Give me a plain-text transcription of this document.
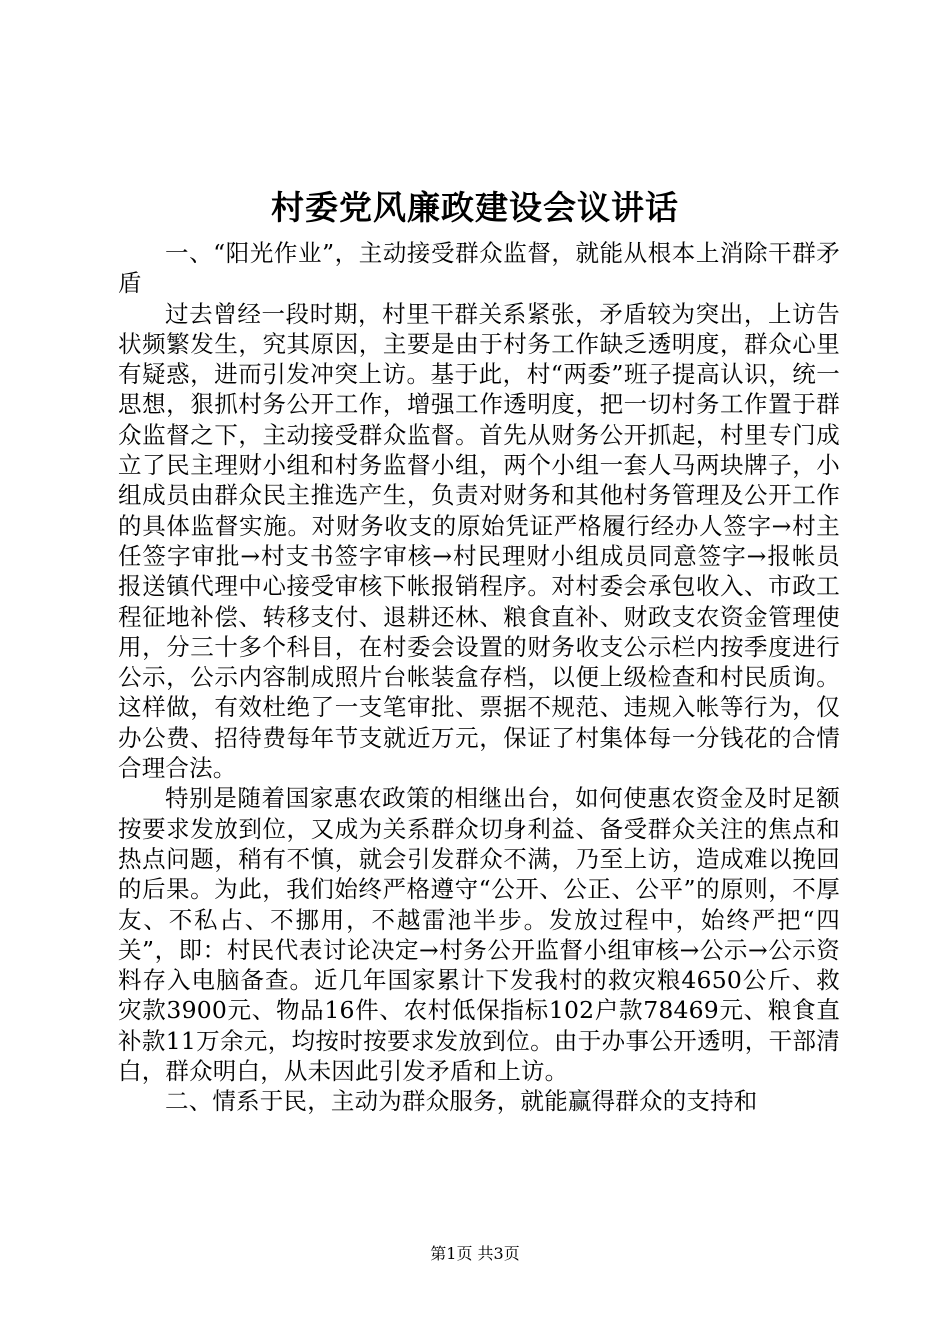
村委党风廉政建设会议讲话

一、“阳光作业”，主动接受群众监督，就能从根本上消除干群矛盾

过去曾经一段时期，村里干群关系紧张，矛盾较为突出，上访告状频繁发生，究其原因，主要是由于村务工作缺乏透明度，群众心里有疑惑，进而引发冲突上访。基于此，村“两委”班子提高认识，统一思想，狠抓村务公开工作，增强工作透明度，把一切村务工作置于群众监督之下，主动接受群众监督。首先从财务公开抓起，村里专门成立了民主理财小组和村务监督小组，两个小组一套人马两块牌子，小组成员由群众民主推选产生，负责对财务和其他村务管理及公开工作的具体监督实施。对财务收支的原始凭证严格履行经办人签字→村主任签字审批→村支书签字审核→村民理财小组成员同意签字→报帐员报送镇代理中心接受审核下帐报销程序。对村委会承包收入、市政工程征地补偿、转移支付、退耕还林、粮食直补、财政支农资金管理使用，分三十多个科目，在村委会设置的财务收支公示栏内按季度进行公示，公示内容制成照片台帐装盒存档，以便上级检查和村民质询。这样做，有效杜绝了一支笔审批、票据不规范、违规入帐等行为，仅办公费、招待费每年节支就近万元，保证了村集体每一分钱花的合情合理合法。

特别是随着国家惠农政策的相继出台，如何使惠农资金及时足额按要求发放到位，又成为关系群众切身利益、备受群众关注的焦点和热点问题，稍有不慎，就会引发群众不满，乃至上访，造成难以挽回的后果。为此，我们始终严格遵守“公开、公正、公平”的原则，不厚友、不私占、不挪用，不越雷池半步。发放过程中，始终严把“四关”，即：村民代表讨论决定→村务公开监督小组审核→公示→公示资料存入电脑备查。近几年国家累计下发我村的救灾粮4650公斤、救灾款3900元、物品16件、农村低保指标102户款78469元、粮食直补款11万余元，均按时按要求发放到位。由于办事公开透明，干部清白，群众明白，从未因此引发矛盾和上访。

二、情系于民，主动为群众服务，就能赢得群众的支持和

第1页 共3页
